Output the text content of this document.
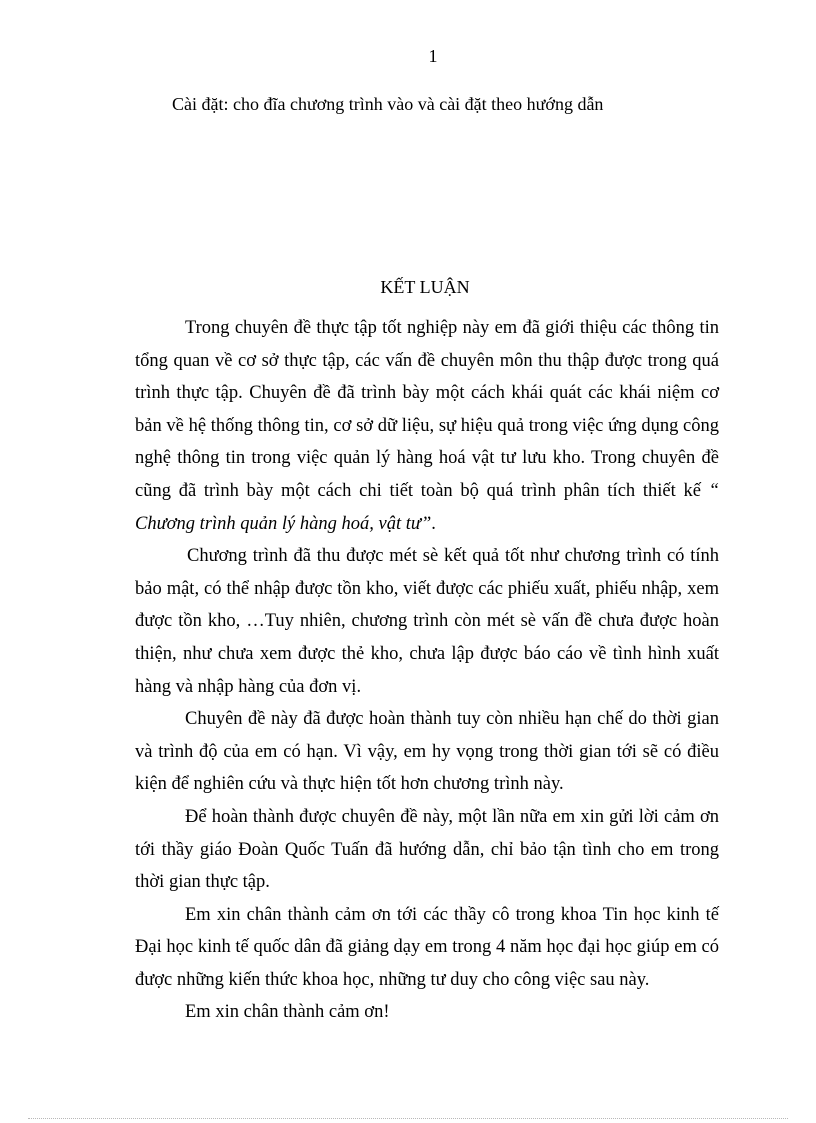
1
Cài đặt: cho đĩa chương trình vào và cài đặt theo hướng dẫn
KẾT LUẬN

Trong chuyên đề thực tập tốt nghiệp này em đã giới thiệu các thông tin tổng quan về cơ sở thực tập, các vấn đề chuyên môn thu thập được trong quá trình thực tập. Chuyên đề đã trình bày một cách khái quát các khái niệm cơ bản về hệ thống thông tin, cơ sở dữ liệu, sự hiệu quả trong việc ứng dụng công nghệ thông tin trong việc quản lý hàng hoá vật tư lưu kho. Trong chuyên đề cũng đã trình bày một cách chi tiết toàn bộ quá trình phân tích thiết kế “ Chương trình quản lý hàng hoá, vật tư”.

Chương trình đã thu được mét sè kết quả tốt như chương trình có tính bảo mật, có thể nhập được tồn kho, viết được các phiếu xuất, phiếu nhập, xem được tồn kho, …Tuy nhiên, chương trình còn mét sè vấn đề chưa được hoàn thiện, như chưa xem được thẻ kho, chưa lập được báo cáo về tình hình xuất hàng và nhập hàng của đơn vị.

Chuyên đề này đã được hoàn thành tuy còn nhiều hạn chế do thời gian và trình độ của em có hạn. Vì vậy, em hy vọng trong thời gian tới sẽ có điều kiện để nghiên cứu và thực hiện tốt hơn chương trình này.

Để hoàn thành được chuyên đề này, một lần nữa em xin gửi lời cảm ơn tới thầy giáo Đoàn Quốc Tuấn đã hướng dẫn, chỉ bảo tận tình cho em trong thời gian thực tập.

Em xin chân thành cảm ơn tới các thầy cô trong khoa Tin học kinh tế Đại học kinh tế quốc dân đã giảng dạy em trong 4 năm học đại học giúp em có được những kiến thức khoa học, những tư duy cho công việc sau này.

Em xin chân thành cảm ơn!
